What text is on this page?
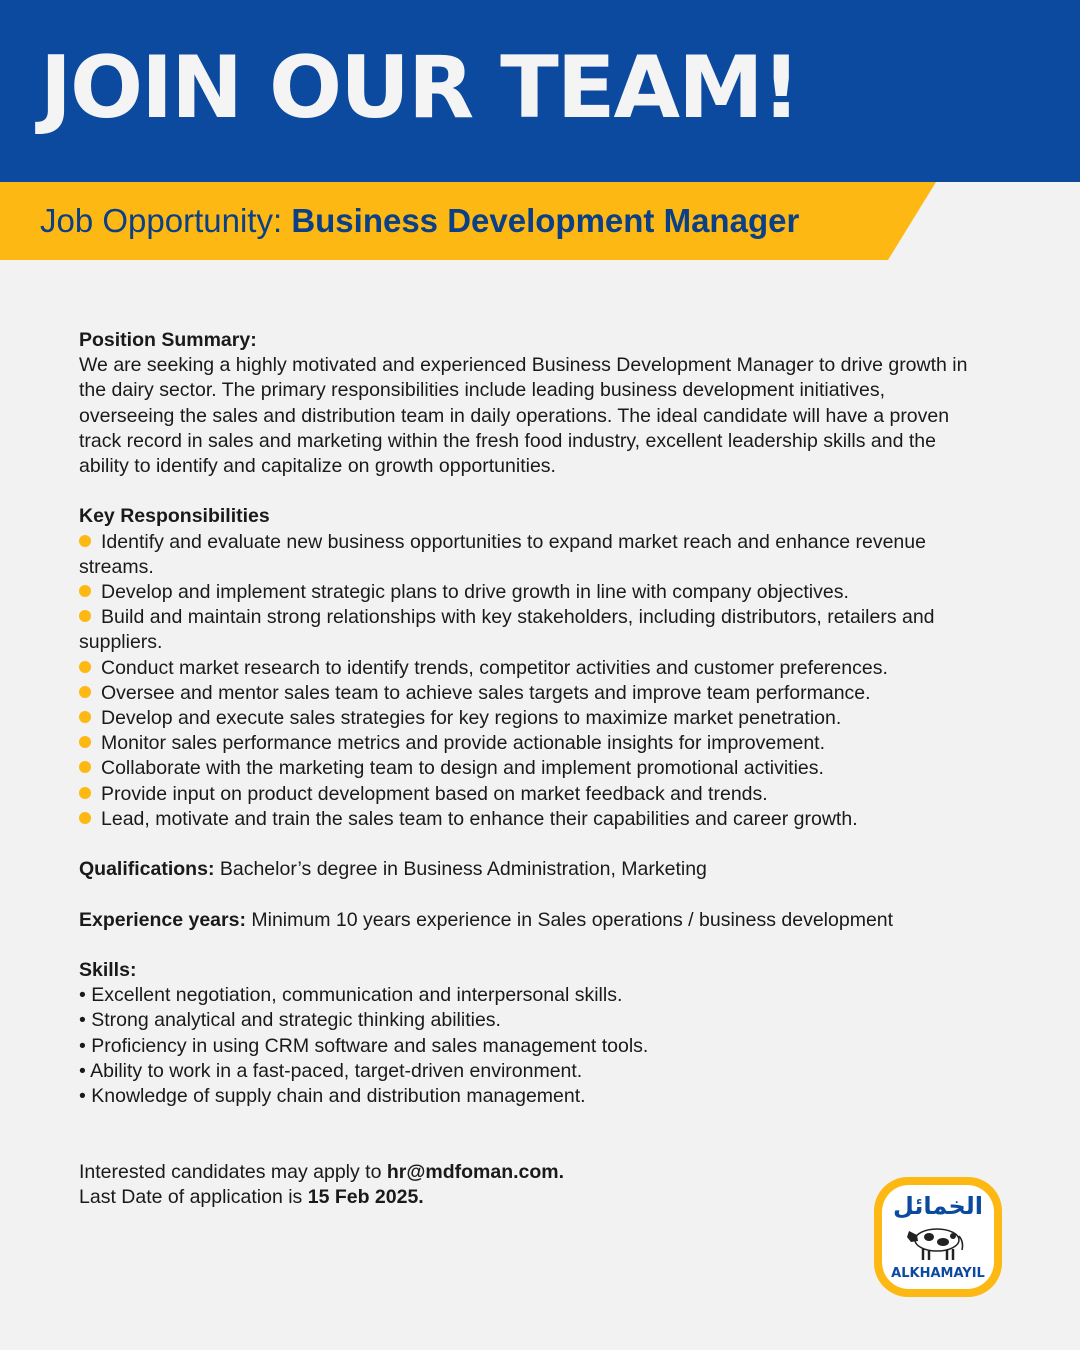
JOIN OUR TEAM!

Job Opportunity: Business Development Manager

Position Summary:

We are seeking a highly motivated and experienced Business Development Manager to drive growth in the dairy sector. The primary responsibilities include leading business development initiatives, overseeing the sales and distribution team in daily operations. The ideal candidate will have a proven track record in sales and marketing within the fresh food industry, excellent leadership skills and the ability to identify and capitalize on growth opportunities.

Key Responsibilities

Identify and evaluate new business opportunities to expand market reach and enhance revenue streams.
Develop and implement strategic plans to drive growth in line with company objectives.
Build and maintain strong relationships with key stakeholders, including distributors, retailers and suppliers.
Conduct market research to identify trends, competitor activities and customer preferences.
Oversee and mentor sales team to achieve sales targets and improve team performance.
Develop and execute sales strategies for key regions to maximize market penetration.
Monitor sales performance metrics and provide actionable insights for improvement.
Collaborate with the marketing team to design and implement promotional activities.
Provide input on product development based on market feedback and trends.
Lead, motivate and train the sales team to enhance their capabilities and career growth.

Qualifications: Bachelor’s degree in Business Administration, Marketing

Experience years: Minimum 10 years experience in Sales operations / business development

Skills:

• Excellent negotiation, communication and interpersonal skills.
• Strong analytical and strategic thinking abilities.
• Proficiency in using CRM software and sales management tools.
• Ability to work in a fast-paced, target-driven environment.
• Knowledge of supply chain and distribution management.

Interested candidates may apply to hr@mdfoman.com.

Last Date of application is 15 Feb 2025.	الخمائل
ALKHAMAYIL
